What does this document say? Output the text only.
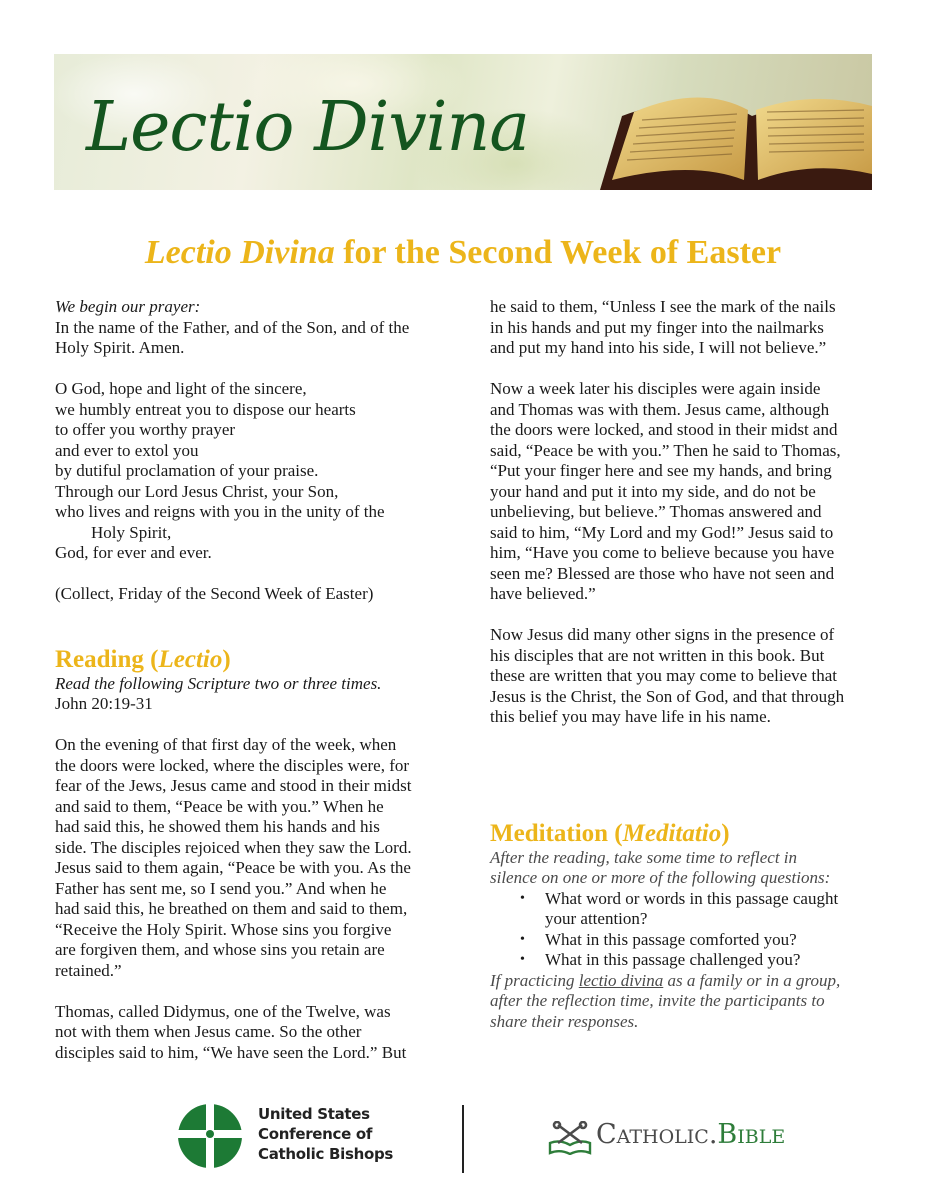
Lectio Divina
Lectio Divina for the Second Week of Easter

We begin our prayer:

In the name of the Father, and of the Son, and of the

Holy Spirit. Amen.

O God, hope and light of the sincere,

we humbly entreat you to dispose our hearts

to offer you worthy prayer

and ever to extol you

by dutiful proclamation of your praise.

Through our Lord Jesus Christ, your Son,

who lives and reigns with you in the unity of the

Holy Spirit,

God, for ever and ever.

(Collect, Friday of the Second Week of Easter)

Reading (Lectio)

Read the following Scripture two or three times.

John 20:19-31

On the evening of that first day of the week, when

the doors were locked, where the disciples were, for

fear of the Jews, Jesus came and stood in their midst

and said to them, “Peace be with you.” When he

had said this, he showed them his hands and his

side. The disciples rejoiced when they saw the Lord.

Jesus said to them again, “Peace be with you. As the

Father has sent me, so I send you.” And when he

had said this, he breathed on them and said to them,

“Receive the Holy Spirit. Whose sins you forgive

are forgiven them, and whose sins you retain are

retained.”

Thomas, called Didymus, one of the Twelve, was

not with them when Jesus came. So the other

disciples said to him, “We have seen the Lord.” But

he said to them, “Unless I see the mark of the nails

in his hands and put my finger into the nailmarks

and put my hand into his side, I will not believe.”

Now a week later his disciples were again inside

and Thomas was with them. Jesus came, although

the doors were locked, and stood in their midst and

said, “Peace be with you.” Then he said to Thomas,

“Put your finger here and see my hands, and bring

your hand and put it into my side, and do not be

unbelieving, but believe.” Thomas answered and

said to him, “My Lord and my God!” Jesus said to

him, “Have you come to believe because you have

seen me? Blessed are those who have not seen and

have believed.”

Now Jesus did many other signs in the presence of

his disciples that are not written in this book. But

these are written that you may come to believe that

Jesus is the Christ, the Son of God, and that through

this belief you may have life in his name.

Meditation (Meditatio)

After the reading, take some time to reflect in

silence on one or more of the following questions:

• What word or words in this passage caught
your attention?
• What in this passage comforted you?
• What in this passage challenged you?

If practicing lectio divina as a family or in a group,

after the reflection time, invite the participants to

share their responses.

United States
Conference of
Catholic Bishops
Catholic.Bible
